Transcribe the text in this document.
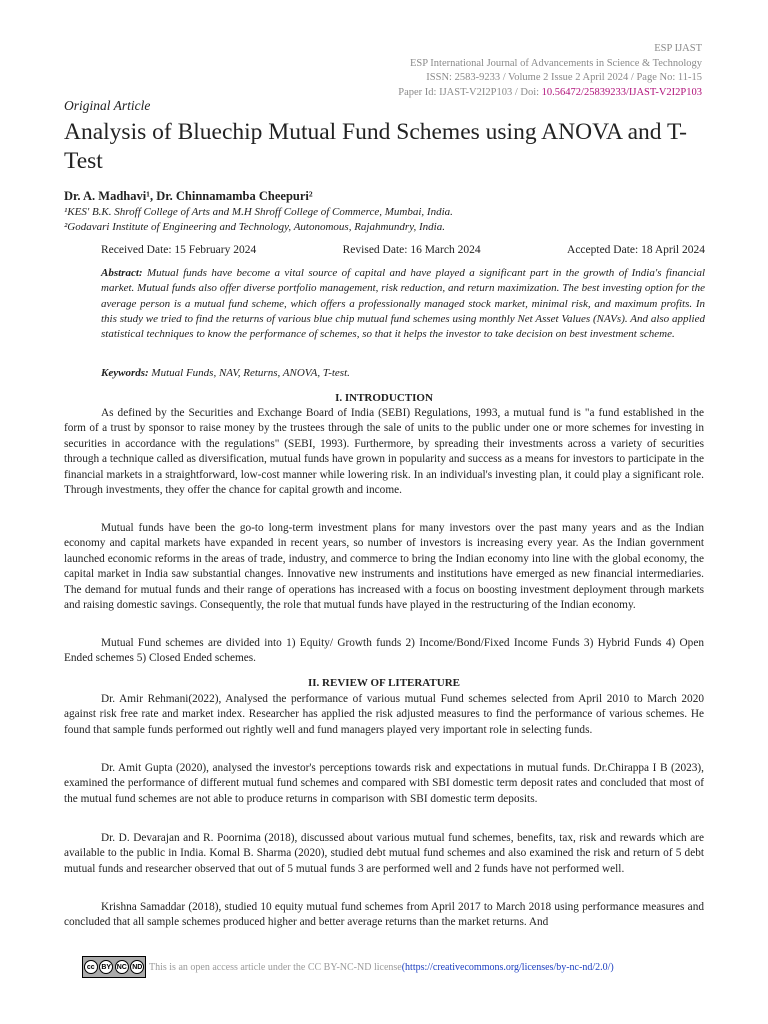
ESP IJAST
ESP International Journal of Advancements in Science & Technology
ISSN: 2583-9233 / Volume 2 Issue 2 April 2024 / Page No: 11-15
Paper Id: IJAST-V2I2P103 / Doi: 10.56472/25839233/IJAST-V2I2P103
Original Article
Analysis of Bluechip Mutual Fund Schemes using ANOVA and T-Test
Dr. A. Madhavi¹, Dr. Chinnamamba Cheepuri²
¹KES' B.K. Shroff College of Arts and M.H Shroff College of Commerce, Mumbai, India.
²Godavari Institute of Engineering and Technology, Autonomous, Rajahmundry, India.
Received Date: 15 February 2024	Revised Date: 16 March 2024	Accepted Date: 18 April 2024

Abstract: Mutual funds have become a vital source of capital and have played a significant part in the growth of India's financial market. Mutual funds also offer diverse portfolio management, risk reduction, and return maximization. The best investing option for the average person is a mutual fund scheme, which offers a professionally managed stock market, minimal risk, and maximum profits. In this study we tried to find the returns of various blue chip mutual fund schemes using monthly Net Asset Values (NAVs). And also applied statistical techniques to know the performance of schemes, so that it helps the investor to take decision on best investment scheme.

Keywords: Mutual Funds, NAV, Returns, ANOVA, T-test.

I. INTRODUCTION

As defined by the Securities and Exchange Board of India (SEBI) Regulations, 1993, a mutual fund is "a fund established in the form of a trust by sponsor to raise money by the trustees through the sale of units to the public under one or more schemes for investing in securities in accordance with the regulations" (SEBI, 1993). Furthermore, by spreading their investments across a variety of securities through a technique called as diversification, mutual funds have grown in popularity and success as a means for investors to participate in the financial markets in a straightforward, low-cost manner while lowering risk. In an individual's investing plan, it could play a significant role. Through investments, they offer the chance for capital growth and income.

Mutual funds have been the go-to long-term investment plans for many investors over the past many years and as the Indian economy and capital markets have expanded in recent years, so number of investors is increasing every year. As the Indian government launched economic reforms in the areas of trade, industry, and commerce to bring the Indian economy into line with the global economy, the capital market in India saw substantial changes. Innovative new instruments and institutions have emerged as new financial intermediaries. The demand for mutual funds and their range of operations has increased with a focus on boosting investment deployment through markets and raising domestic savings. Consequently, the role that mutual funds have played in the restructuring of the Indian economy.

Mutual Fund schemes are divided into 1) Equity/ Growth funds 2) Income/Bond/Fixed Income Funds 3) Hybrid Funds 4) Open Ended schemes 5) Closed Ended schemes.

II. REVIEW OF LITERATURE

Dr. Amir Rehmani(2022), Analysed the performance of various mutual Fund schemes selected from April 2010 to March 2020 against risk free rate and market index. Researcher has applied the risk adjusted measures to find the performance of various schemes. He found that sample funds performed out rightly well and fund managers played very important role in selecting funds.

Dr. Amit Gupta (2020), analysed the investor's perceptions towards risk and expectations in mutual funds. Dr.Chirappa I B (2023), examined the performance of different mutual fund schemes and compared with SBI domestic term deposit rates and concluded that most of the mutual fund schemes are not able to produce returns in comparison with SBI domestic term deposits.

Dr. D. Devarajan and R. Poornima (2018), discussed about various mutual fund schemes, benefits, tax, risk and rewards which are available to the public in India. Komal B. Sharma (2020), studied debt mutual fund schemes and also examined the risk and return of 5 debt mutual funds and researcher observed that out of 5 mutual funds 3 are performed well and 2 funds have not performed well.

Krishna Samaddar (2018), studied 10 equity mutual fund schemes from April 2017 to March 2018 using performance measures and concluded that all sample schemes produced higher and better average returns than the market returns. And

cc BY NC ND This is an open access article under the CC BY-NC-ND license (https://creativecommons.org/licenses/by-nc-nd/2.0/)
